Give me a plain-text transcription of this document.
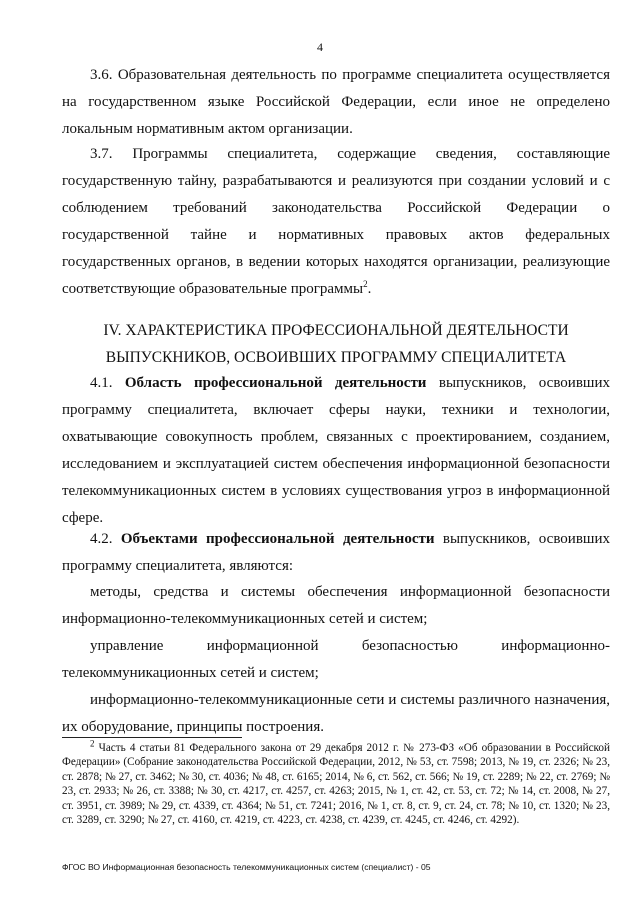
4

3.6. Образовательная деятельность по программе специалитета осуществляется на государственном языке Российской Федерации, если иное не определено локальным нормативным актом организации.

3.7. Программы специалитета, содержащие сведения, составляющие государственную тайну, разрабатываются и реализуются при создании условий и с соблюдением требований законодательства Российской Федерации о государственной тайне и нормативных правовых актов федеральных государственных органов, в ведении которых находятся организации, реализующие соответствующие образовательные программы$^2$.

IV. ХАРАКТЕРИСТИКА ПРОФЕССИОНАЛЬНОЙ ДЕЯТЕЛЬНОСТИ

ВЫПУСКНИКОВ, ОСВОИВШИХ ПРОГРАММУ СПЕЦИАЛИТЕТА

4.1. Область профессиональной деятельности выпускников, освоивших программу специалитета, включает сферы науки, техники и технологии, охватывающие совокупность проблем, связанных с проектированием, созданием, исследованием и эксплуатацией систем обеспечения информационной безопасности телекоммуникационных систем в условиях существования угроз в информационной сфере.

4.2. Объектами профессиональной деятельности выпускников, освоивших программу специалитета, являются:

методы, средства и системы обеспечения информационной безопасности информационно-телекоммуникационных сетей и систем;

управление информационной безопасностью информационно-телекоммуникационных сетей и систем;

информационно-телекоммуникационные сети и системы различного назначения, их оборудование, принципы построения.

$^2$ Часть 4 статьи 81 Федерального закона от 29 декабря 2012 г. № 273-ФЗ «Об образовании в Российской Федерации» (Собрание законодательства Российской Федерации, 2012, № 53, ст. 7598; 2013, № 19, ст. 2326; № 23, ст. 2878; № 27, ст. 3462; № 30, ст. 4036; № 48, ст. 6165; 2014, № 6, ст. 562, ст. 566; № 19, ст. 2289; № 22, ст. 2769; № 23, ст. 2933; № 26, ст. 3388; № 30, ст. 4217, ст. 4257, ст. 4263; 2015, № 1, ст. 42, ст. 53, ст. 72; № 14, ст. 2008, № 27, ст. 3951, ст. 3989; № 29, ст. 4339, ст. 4364; № 51, ст. 7241; 2016, № 1, ст. 8, ст. 9, ст. 24, ст. 78; № 10, ст. 1320; № 23, ст. 3289, ст. 3290; № 27, ст. 4160, ст. 4219, ст. 4223, ст. 4238, ст. 4239, ст. 4245, ст. 4246, ст. 4292).
ФГОС ВО Информационная безопасность телекоммуникационных систем (специалист) - 05
